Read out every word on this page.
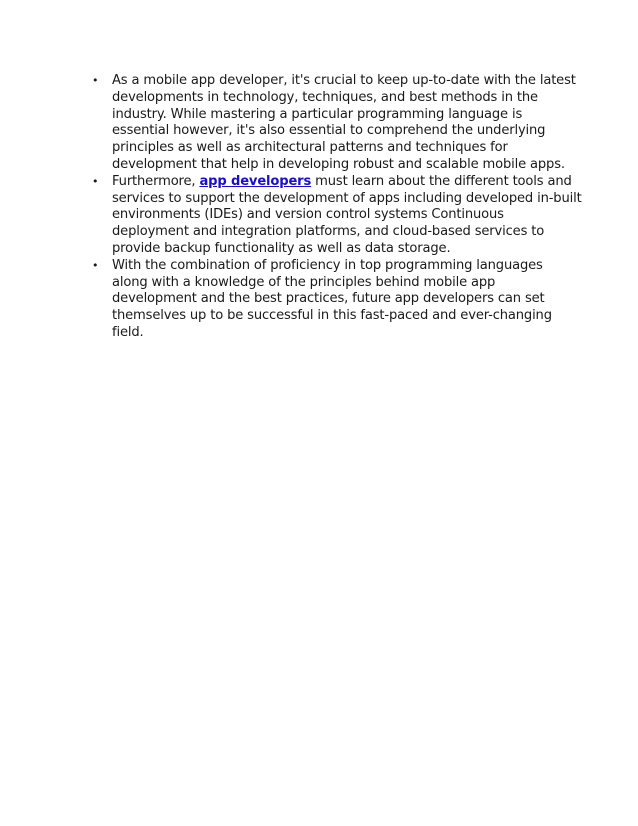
•	As a mobile app developer, it's crucial to keep up-to-date with the latest developments in technology, techniques, and best methods in the industry. While mastering a particular programming language is essential however, it's also essential to comprehend the underlying principles as well as architectural patterns and techniques for development that help in developing robust and scalable mobile apps.
•	Furthermore, app developers must learn about the different tools and services to support the development of apps including developed in-built environments (IDEs) and version control systems Continuous deployment and integration platforms, and cloud-based services to provide backup functionality as well as data storage.
•	With the combination of proficiency in top programming languages along with a knowledge of the principles behind mobile app development and the best practices, future app developers can set themselves up to be successful in this fast-paced and ever-changing field.
